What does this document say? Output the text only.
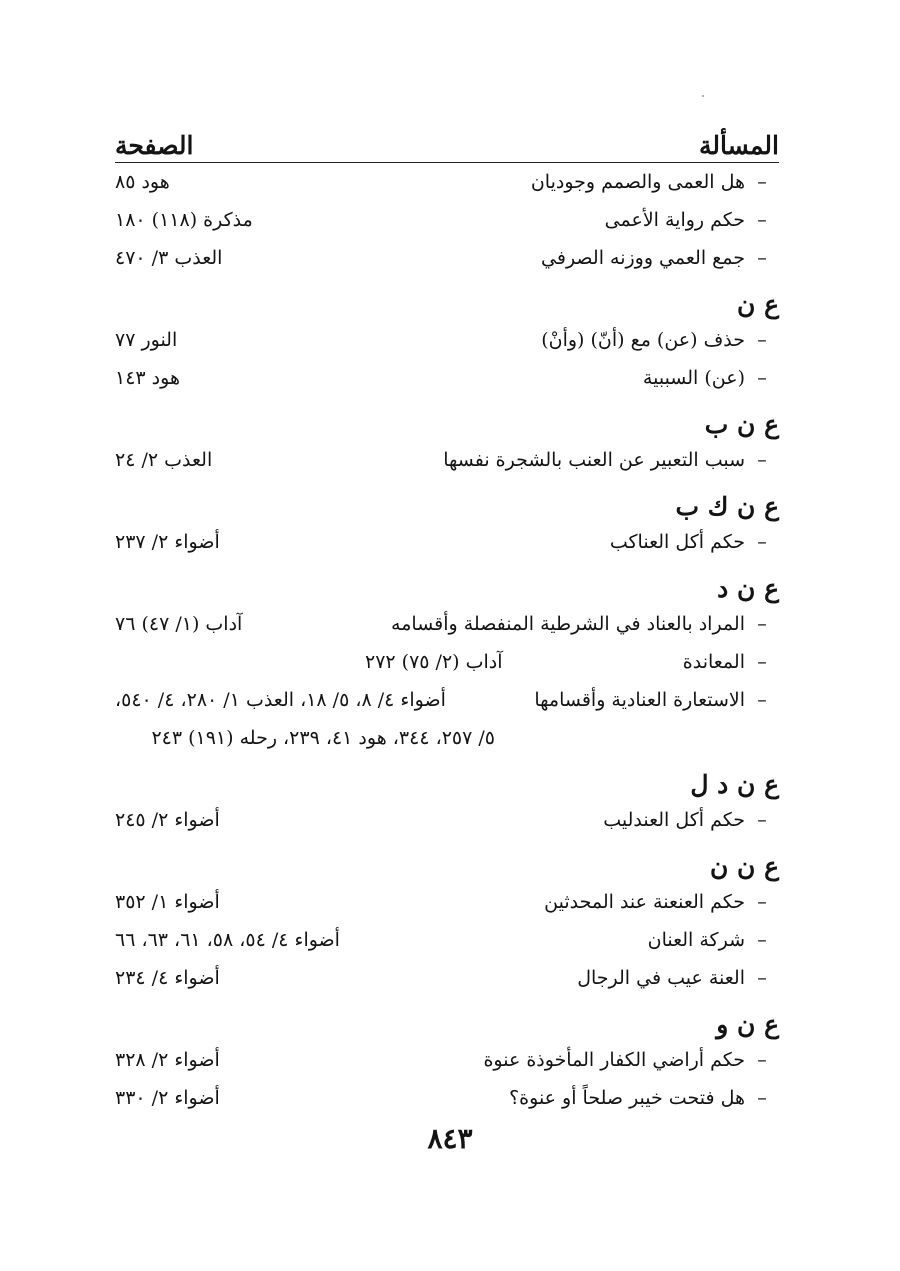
المسألة
الصفحة
–
هل العمى والصمم وجوديان
هود ٨٥
–
حكم رواية الأعمى
مذكرة (١١٨) ١٨٠
–
جمع العمي ووزنه الصرفي
العذب ٣/ ٤٧٠
ع ن
–
حذف (عن) مع (أنّ) (وأنْ)
النور ٧٧
–
(عن) السببية
هود ١٤٣
ع ن ب
–
سبب التعبير عن العنب بالشجرة نفسها
العذب ٢/ ٢٤
ع ن ك ب
–
حكم أكل العناكب
أضواء ٢/ ٢٣٧
ع ن د
–
المراد بالعناد في الشرطية المنفصلة وأقسامه
آداب (١/ ٤٧) ٧٦
–
المعاندة
آداب (٢/ ٧٥) ٢٧٢
–
الاستعارة العنادية وأقسامها
أضواء ٤/ ٨، ٥/ ١٨، العذب ١/ ٢٨٠، ٤/ ٥٤٠،
٥/ ٢٥٧، ٣٤٤، هود ٤١، ٢٣٩، رحله (١٩١) ٢٤٣
ع ن د ل
–
حكم أكل العندليب
أضواء ٢/ ٢٤٥
ع ن ن
–
حكم العنعنة عند المحدثين
أضواء ١/ ٣٥٢
–
شركة العنان
أضواء ٤/ ٥٤، ٥٨، ٦١، ٦٣، ٦٦
–
العنة عيب في الرجال
أضواء ٤/ ٢٣٤
ع ن و
–
حكم أراضي الكفار المأخوذة عنوة
أضواء ٢/ ٣٢٨
–
هل فتحت خيبر صلحاً أو عنوة؟
أضواء ٢/ ٣٣٠
٨٤٣
